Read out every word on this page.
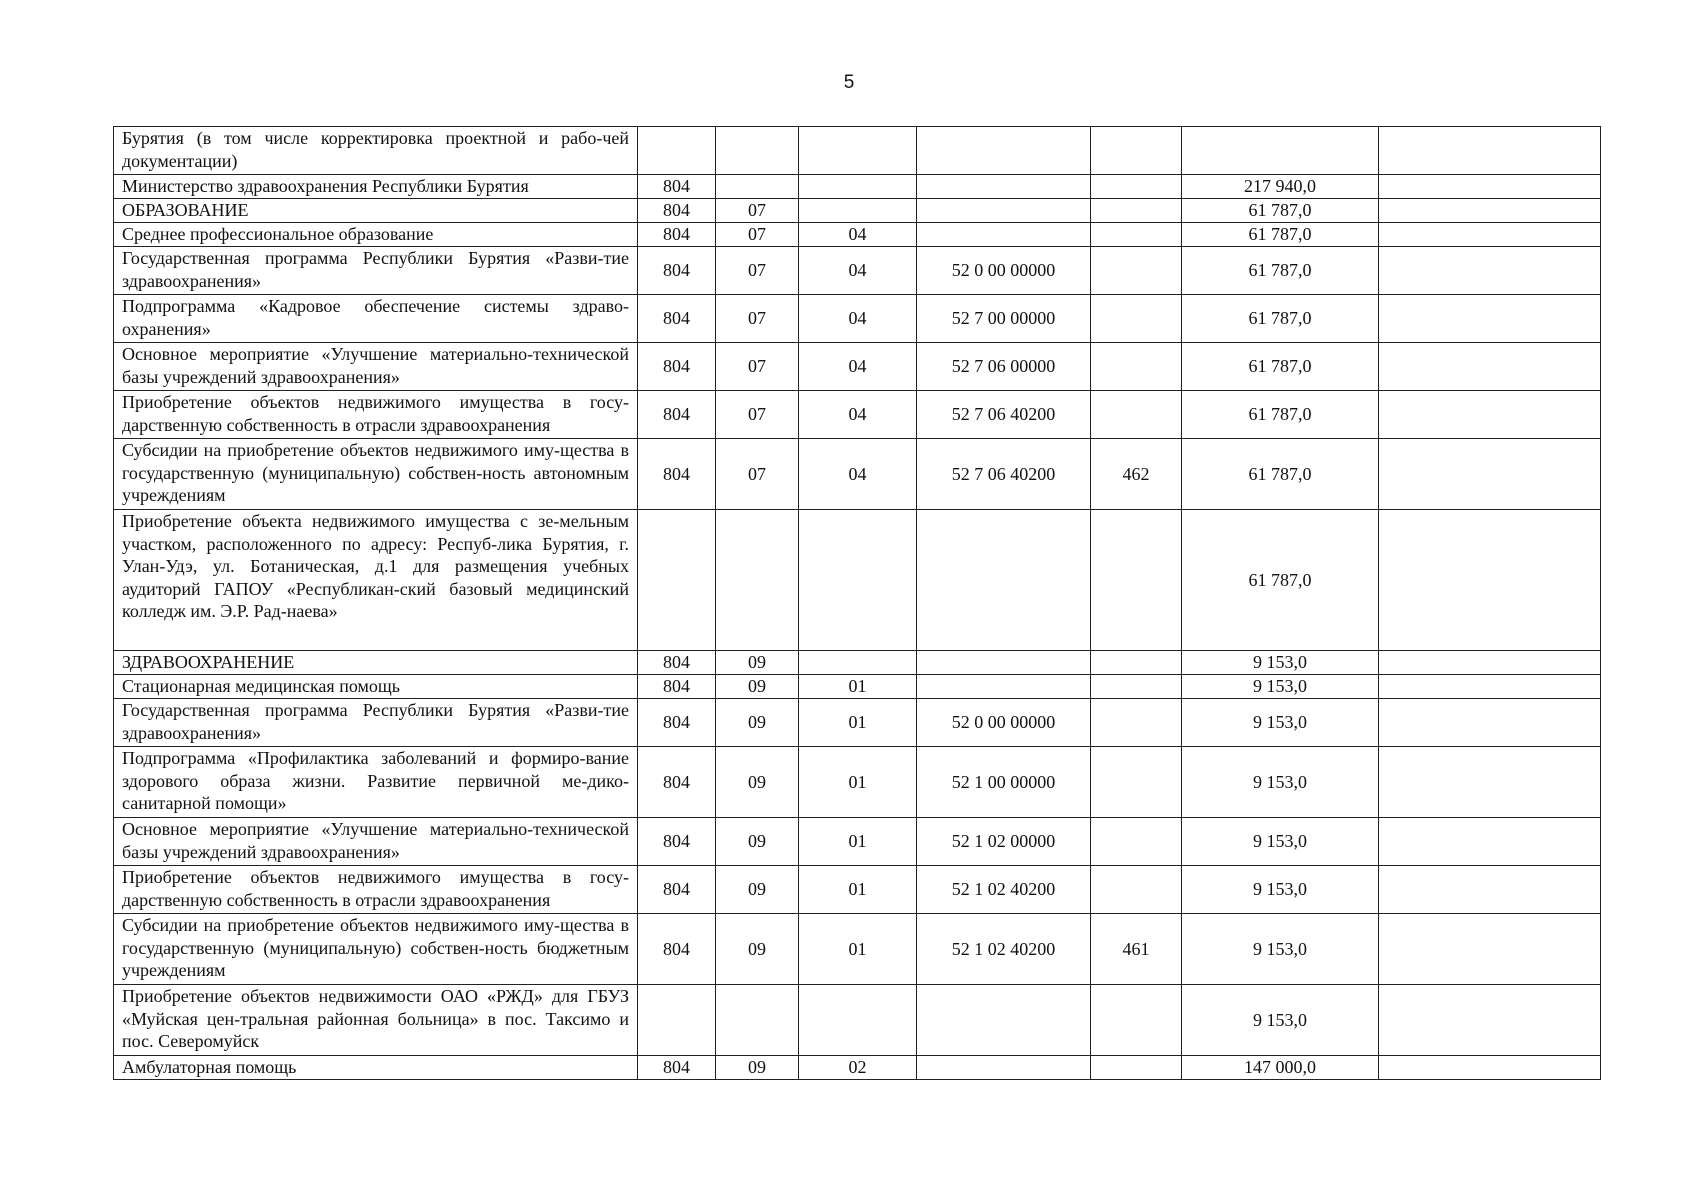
5
Бурятия (в том числе корректировка проектной и рабо-чей документации)							
Министерство здравоохранения Республики Бурятия	804					217 940,0	
ОБРАЗОВАНИЕ	804	07				61 787,0	
Среднее профессиональное образование	804	07	04			61 787,0	
Государственная программа Республики Бурятия «Разви-тие здравоохранения»	804	07	04	52 0 00 00000		61 787,0	
Подпрограмма «Кадровое обеспечение системы здраво-охранения»	804	07	04	52 7 00 00000		61 787,0	
Основное мероприятие «Улучшение материально-технической базы учреждений здравоохранения»	804	07	04	52 7 06 00000		61 787,0	
Приобретение объектов недвижимого имущества в госу-дарственную собственность в отрасли здравоохранения	804	07	04	52 7 06 40200		61 787,0	
Субсидии на приобретение объектов недвижимого иму-щества в государственную (муниципальную) собствен-ность автономным учреждениям	804	07	04	52 7 06 40200	462	61 787,0	
Приобретение объекта недвижимого имущества с зе-мельным участком, расположенного по адресу: Респуб-лика Бурятия, г. Улан-Удэ, ул. Ботаническая, д.1 для размещения учебных аудиторий ГАПОУ «Республикан-ский базовый медицинский колледж им. Э.Р. Рад-наева»						61 787,0	
ЗДРАВООХРАНЕНИЕ	804	09				9 153,0	
Стационарная медицинская помощь	804	09	01			9 153,0	
Государственная программа Республики Бурятия «Разви-тие здравоохранения»	804	09	01	52 0 00 00000		9 153,0	
Подпрограмма «Профилактика заболеваний и формиро-вание здорового образа жизни. Развитие первичной ме-дико-санитарной помощи»	804	09	01	52 1 00 00000		9 153,0	
Основное мероприятие «Улучшение материально-технической базы учреждений здравоохранения»	804	09	01	52 1 02 00000		9 153,0	
Приобретение объектов недвижимого имущества в госу-дарственную собственность в отрасли здравоохранения	804	09	01	52 1 02 40200		9 153,0	
Субсидии на приобретение объектов недвижимого иму-щества в государственную (муниципальную) собствен-ность бюджетным учреждениям	804	09	01	52 1 02 40200	461	9 153,0	
Приобретение объектов недвижимости ОАО «РЖД» для ГБУЗ «Муйская цен-тральная районная больница» в пос. Таксимо и пос. Северомуйск						9 153,0	
Амбулаторная помощь	804	09	02			147 000,0	
